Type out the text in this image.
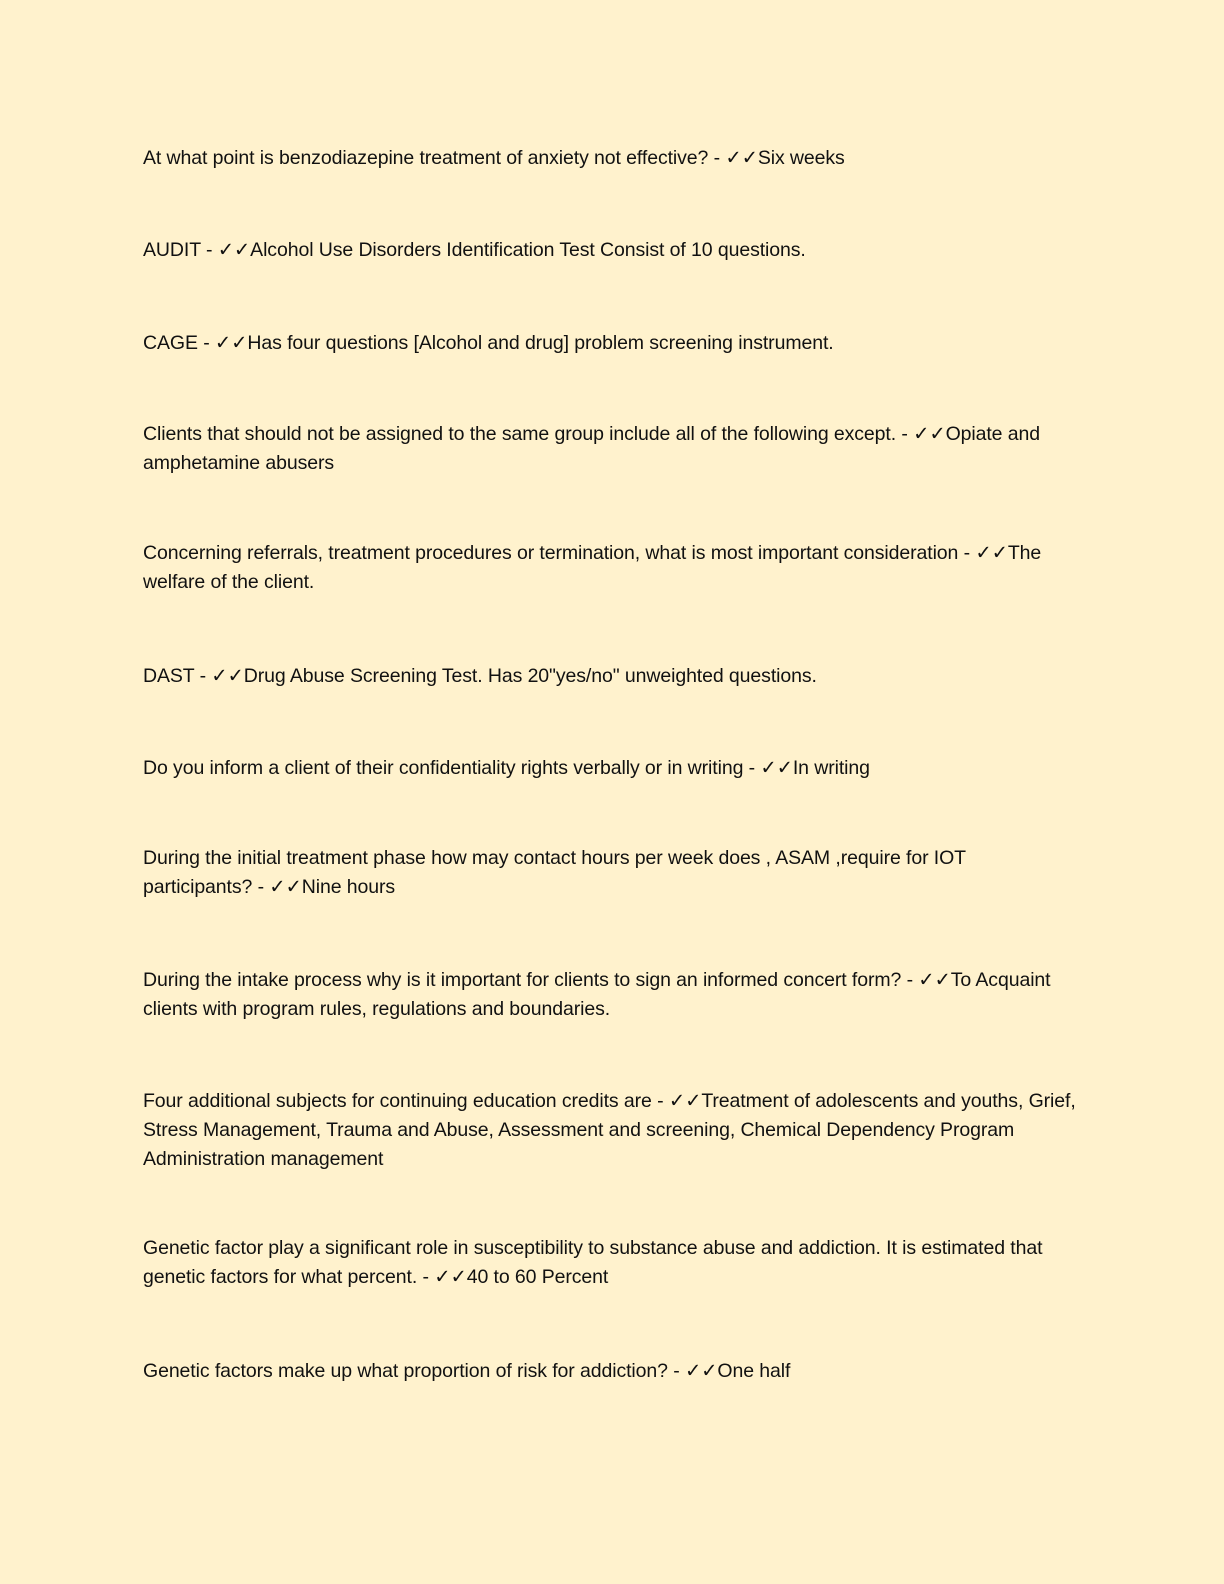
At what point is benzodiazepine treatment of anxiety not effective? - ✓✓Six weeks

AUDIT - ✓✓Alcohol Use Disorders Identification Test Consist of 10 questions.

CAGE - ✓✓Has four questions [Alcohol and drug] problem screening instrument.

Clients that should not be assigned to the same group include all of the following except. - ✓✓Opiate and amphetamine abusers

Concerning referrals, treatment procedures or termination, what is most important consideration - ✓✓The welfare of the client.

DAST - ✓✓Drug Abuse Screening Test. Has 20"yes/no" unweighted questions.

Do you inform a client of their confidentiality rights verbally or in writing - ✓✓In writing

During the initial treatment phase how may contact hours per week does , ASAM ,require for IOT participants? - ✓✓Nine hours

During the intake process why is it important for clients to sign an informed concert form? - ✓✓To Acquaint clients with program rules, regulations and boundaries.

Four additional subjects for continuing education credits are - ✓✓Treatment of adolescents and youths, Grief, Stress Management, Trauma and Abuse, Assessment and screening, Chemical Dependency Program Administration management

Genetic factor play a significant role in susceptibility to substance abuse and addiction. It is estimated that genetic factors for what percent. - ✓✓40 to 60 Percent

Genetic factors make up what proportion of risk for addiction? - ✓✓One half
